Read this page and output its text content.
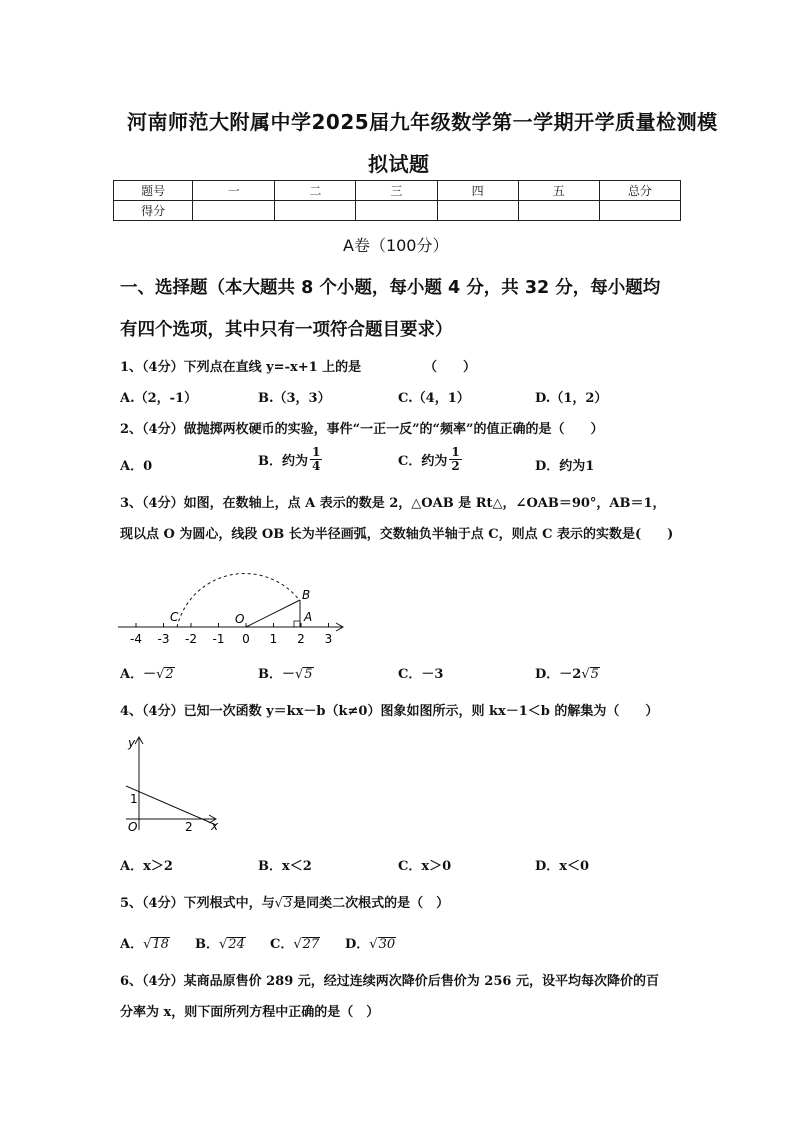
河南师范大附属中学2025届九年级数学第一学期开学质量检测模
拟试题
题号	一	二	三	四	五	总分
得分						
A卷（100分）
一、选择题（本大题共 8 个小题，每小题 4 分，共 32 分，每小题均
有四个选项，其中只有一项符合题目要求）
1、（4分）下列点在直线 y=-x+1 上的是	（　　）
A.（2，-1）	B.（3，3）	C.（4，1）	D.（1，2）
2、（4分）做抛掷两枚硬币的实验，事件“一正一反”的“频率”的值正确的是（　　）
A．0	B．约为 $\frac{1}{4}$	C．约为 $\frac{1}{2}$	D．约为1
3、（4分）如图，在数轴上，点 A 表示的数是 2，△OAB 是 Rt△，∠OAB＝90°，AB＝1，
现以点 O 为圆心，线段 OB 长为半径画弧，交数轴负半轴于点 C，则点 C 表示的实数是(　　)
-4 -3 -2 -1 0 1 2 3
C	O	A
B
A．－√2	B．－√5	C．－3	D．－2√5
4、（4分）已知一次函数 y＝kx－b（k≠0）图象如图所示，则 kx－1＜b 的解集为（　　）
y
x
O
1
2
A．x＞2	B．x＜2	C．x＞0	D．x＜0
5、（4分）下列根式中，与√3是同类二次根式的是（　）
A．√18 B．√24 C．√27 D．√30
6、（4分）某商品原售价 289 元，经过连续两次降价后售价为 256 元，设平均每次降价的百
分率为 x，则下面所列方程中正确的是（　）
